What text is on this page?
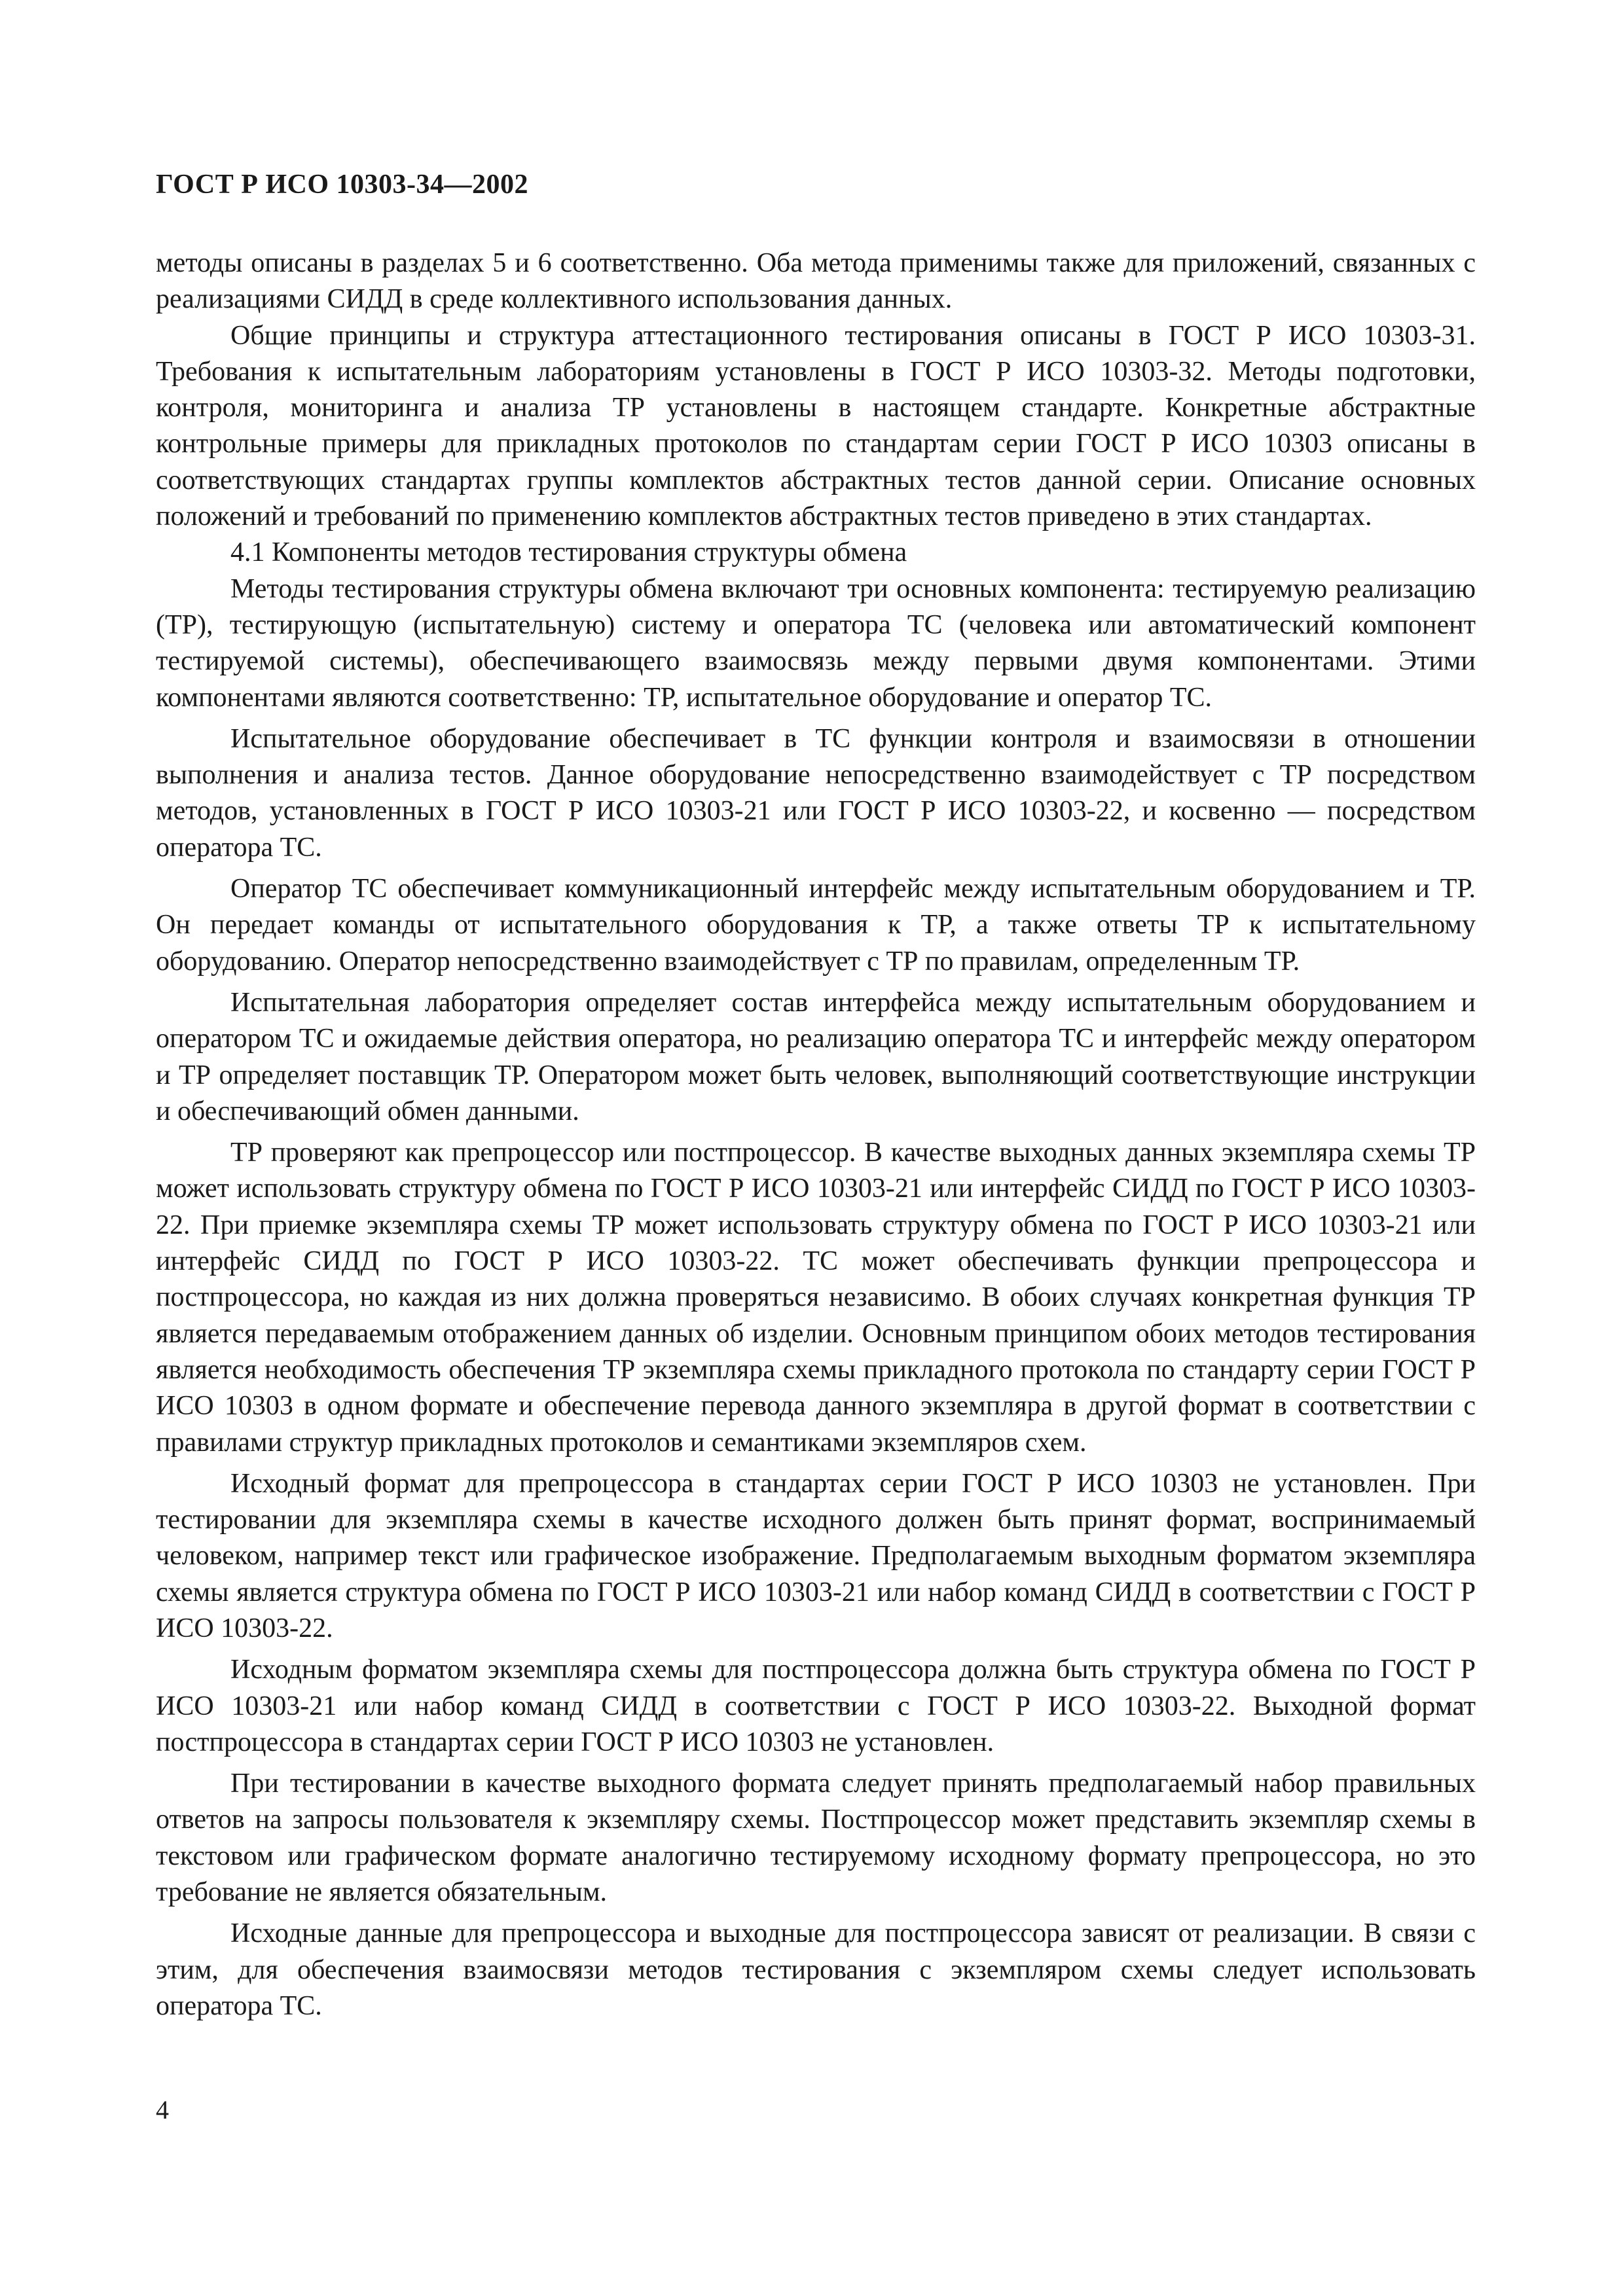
ГОСТ Р ИСО 10303-34—2002

методы описаны в разделах 5 и 6 соответственно. Оба метода применимы также для приложений, связанных с реализациями СИДД в среде коллективного использования данных.

Общие принципы и структура аттестационного тестирования описаны в ГОСТ Р ИСО 10303-31. Требования к испытательным лабораториям установлены в ГОСТ Р ИСО 10303-32. Методы подготовки, контроля, мониторинга и анализа ТР установлены в настоящем стандарте. Конкретные абстрактные контрольные примеры для прикладных протоколов по стандартам серии ГОСТ Р ИСО 10303 описаны в соответствующих стандартах группы комплектов абстрактных тестов данной серии. Описание основных положений и требований по применению комплектов абстрактных тестов приведено в этих стандартах.

4.1 Компоненты методов тестирования структуры обмена

Методы тестирования структуры обмена включают три основных компонента: тестируемую реализацию (ТР), тестирующую (испытательную) систему и оператора ТС (человека или автоматический компонент тестируемой системы), обеспечивающего взаимосвязь между первыми двумя компонентами. Этими компонентами являются соответственно: ТР, испытательное оборудование и оператор ТС.

Испытательное оборудование обеспечивает в ТС функции контроля и взаимосвязи в отношении выполнения и анализа тестов. Данное оборудование непосредственно взаимодействует с ТР посредством методов, установленных в ГОСТ Р ИСО 10303-21 или ГОСТ Р ИСО 10303-22, и косвенно — посредством оператора ТС.

Оператор ТС обеспечивает коммуникационный интерфейс между испытательным оборудованием и ТР. Он передает команды от испытательного оборудования к ТР, а также ответы ТР к испытательному оборудованию. Оператор непосредственно взаимодействует с ТР по правилам, определенным ТР.

Испытательная лаборатория определяет состав интерфейса между испытательным оборудованием и оператором ТС и ожидаемые действия оператора, но реализацию оператора ТС и интерфейс между оператором и ТР определяет поставщик ТР. Оператором может быть человек, выполняющий соответствующие инструкции и обеспечивающий обмен данными.

ТР проверяют как препроцессор или постпроцессор. В качестве выходных данных экземпляра схемы ТР может использовать структуру обмена по ГОСТ Р ИСО 10303-21 или интерфейс СИДД по ГОСТ Р ИСО 10303-22. При приемке экземпляра схемы ТР может использовать структуру обмена по ГОСТ Р ИСО 10303-21 или интерфейс СИДД по ГОСТ Р ИСО 10303-22. ТС может обеспечивать функции препроцессора и постпроцессора, но каждая из них должна проверяться независимо. В обоих случаях конкретная функция ТР является передаваемым отображением данных об изделии. Основным принципом обоих методов тестирования является необходимость обеспечения ТР экземпляра схемы прикладного протокола по стандарту серии ГОСТ Р ИСО 10303 в одном формате и обеспечение перевода данного экземпляра в другой формат в соответствии с правилами структур прикладных протоколов и семантиками экземпляров схем.

Исходный формат для препроцессора в стандартах серии ГОСТ Р ИСО 10303 не установлен. При тестировании для экземпляра схемы в качестве исходного должен быть принят формат, воспринимаемый человеком, например текст или графическое изображение. Предполагаемым выходным форматом экземпляра схемы является структура обмена по ГОСТ Р ИСО 10303-21 или набор команд СИДД в соответствии с ГОСТ Р ИСО 10303-22.

Исходным форматом экземпляра схемы для постпроцессора должна быть структура обмена по ГОСТ Р ИСО 10303-21 или набор команд СИДД в соответствии с ГОСТ Р ИСО 10303-22. Выходной формат постпроцессора в стандартах серии ГОСТ Р ИСО 10303 не установлен.

При тестировании в качестве выходного формата следует принять предполагаемый набор правильных ответов на запросы пользователя к экземпляру схемы. Постпроцессор может представить экземпляр схемы в текстовом или графическом формате аналогично тестируемому исходному формату препроцессора, но это требование не является обязательным.

Исходные данные для препроцессора и выходные для постпроцессора зависят от реализации. В связи с этим, для обеспечения взаимосвязи методов тестирования с экземпляром схемы следует использовать оператора ТС.

4
